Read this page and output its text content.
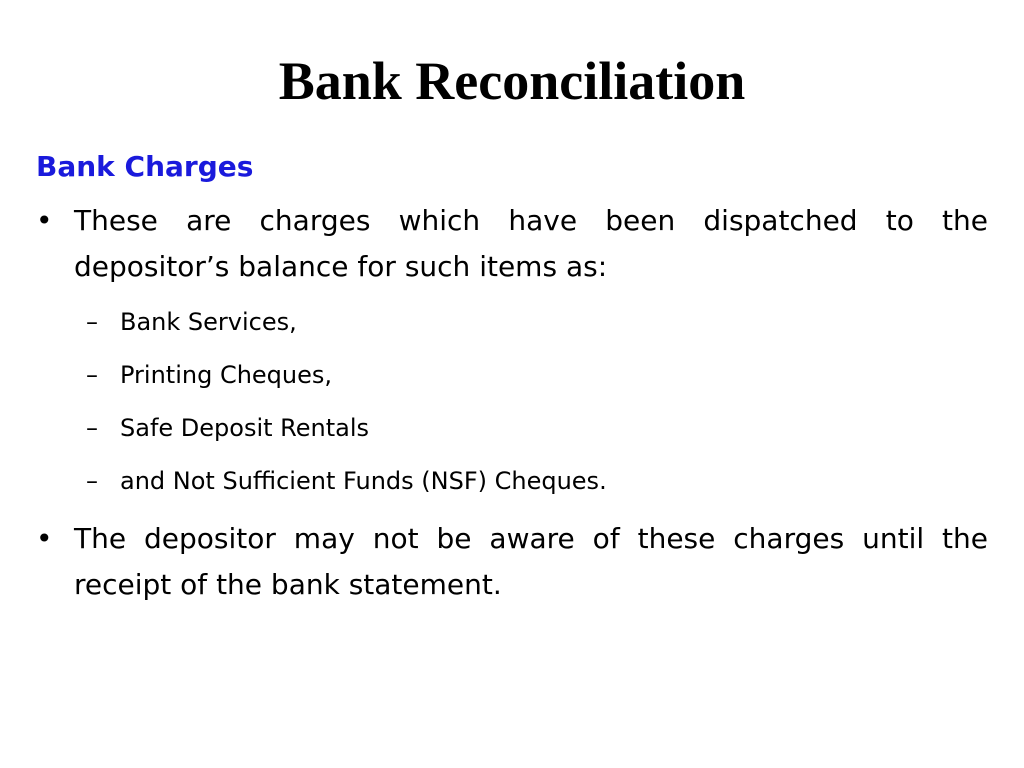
Bank Reconciliation
Bank Charges
• These are charges which have been dispatched to the depositor’s balance for such items as:
– Bank Services,
– Printing Cheques,
– Safe Deposit Rentals
– and Not Sufficient Funds (NSF) Cheques.
• The depositor may not be aware of these charges until the receipt of the bank statement.
